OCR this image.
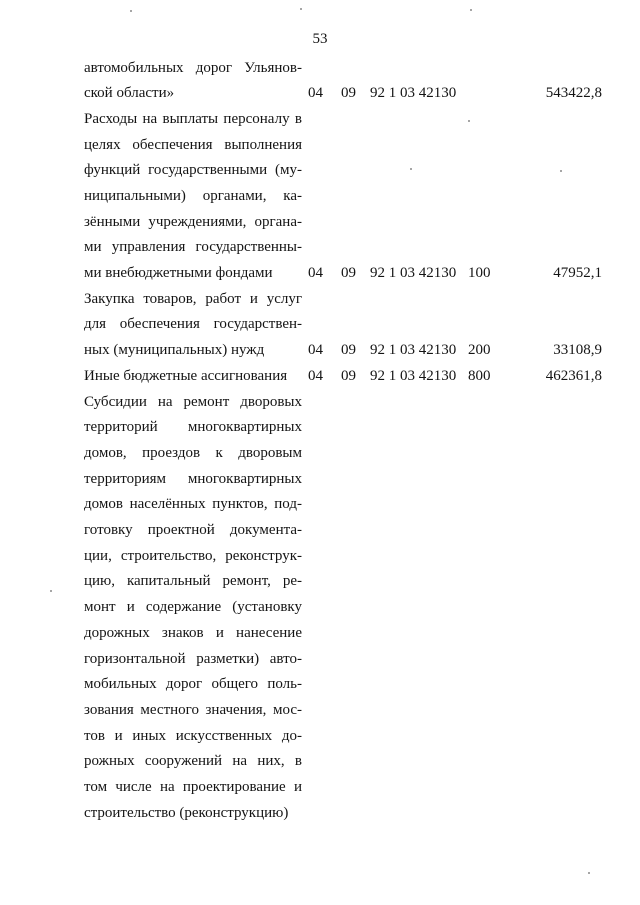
53

автомобильных дорог Ульянов-

ской области»	04 09 92 1 03 42130	543422,8

Расходы на выплаты персоналу в

целях обеспечения выполнения

функций государственными (му-

ниципальными) органами, ка-

зёнными учреждениями, органа-

ми управления государственны-

ми внебюджетными фондами	04 09 92 1 03 42130 100	47952,1

Закупка товаров, работ и услуг

для обеспечения государствен-

ных (муниципальных) нужд	04 09 92 1 03 42130 200	33108,9

Иные бюджетные ассигнования	04 09 92 1 03 42130 800	462361,8

Субсидии на ремонт дворовых

территорий многоквартирных

домов, проездов к дворовым

территориям многоквартирных

домов населённых пунктов, под-

готовку проектной документа-

ции, строительство, реконструк-

цию, капитальный ремонт, ре-

монт и содержание (установку

дорожных знаков и нанесение

горизонтальной разметки) авто-

мобильных дорог общего поль-

зования местного значения, мос-

тов и иных искусственных до-

рожных сооружений на них, в

том числе на проектирование и

строительство (реконструкцию)
